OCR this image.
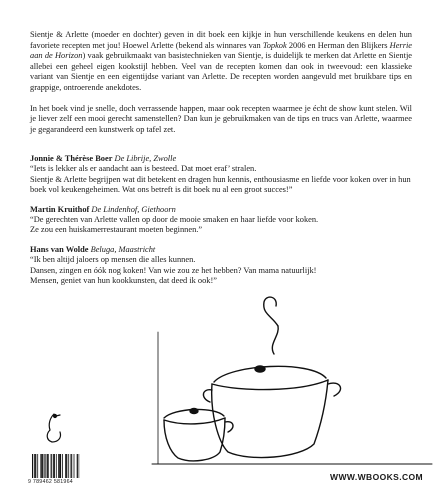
Sientje & Arlette (moeder en dochter) geven in dit boek een kijkje in hun verschillende keukens en delen hun favoriete recepten met jou! Hoewel Arlette (bekend als winnares van Topkok 2006 en Herman den Blijkers Herrie aan de Horizon) vaak gebruikmaakt van basistechnieken van Sientje, is duidelijk te merken dat Arlette en Sientje allebei een geheel eigen kookstijl hebben. Veel van de recepten komen dan ook in tweevoud: een klassieke variant van Sientje en een eigentijdse variant van Arlette. De recepten worden aangevuld met bruikbare tips en grappige, ontroerende anekdotes.

In het boek vind je snelle, doch verrassende happen, maar ook recepten waarmee je écht de show kunt stelen. Wil je liever zelf een mooi gerecht samenstellen? Dan kun je gebruikmaken van de tips en trucs van Arlette, waarmee je gegarandeerd een kunstwerk op tafel zet.

Jonnie & Thérèse Boer De Librije, Zwolle

“Iets is lekker als er aandacht aan is besteed. Dat moet eraf’ stralen.
Sientje & Arlette begrijpen wat dit betekent en dragen hun kennis, enthousiasme en liefde voor koken over in hun boek vol keukengeheimen. Wat ons betreft is dit boek nu al een groot succes!”

Martin Kruithof De Lindenhof, Giethoorn

“De gerechten van Arlette vallen op door de mooie smaken en haar liefde voor koken.
Ze zou een huiskamerrestaurant moeten beginnen.”

Hans van Wolde Beluga, Maastricht

“Ik ben altijd jaloers op mensen die alles kunnen.
Dansen, zingen en óók nog koken! Van wie zou ze het hebben? Van mama natuurlijk!
Mensen, geniet van hun kookkunsten, dat deed ik ook!”

9 789462 581964	WWW.WBOOKS.COM
